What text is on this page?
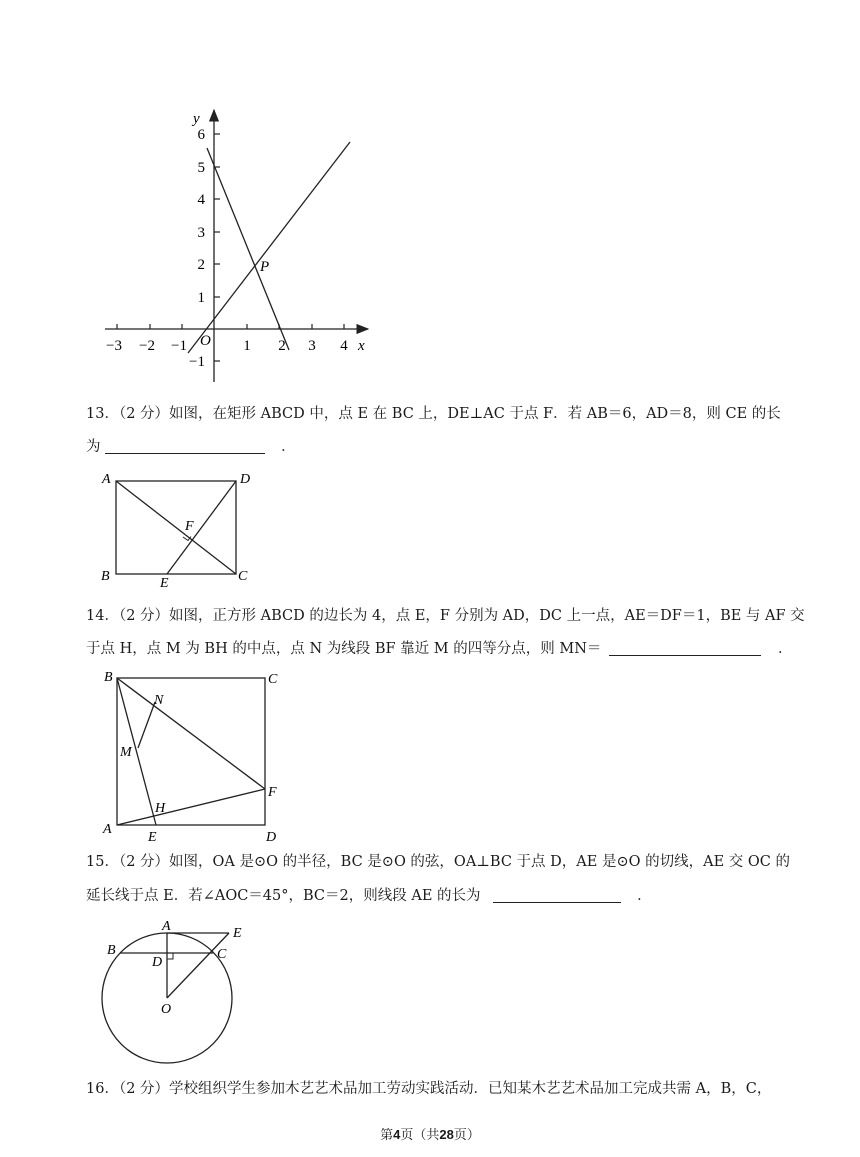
y
x
O
P
6
5
4
3
2
1
−1
−3 −2 −1	1 2 3 4
13．（2 分）如图，在矩形 ABCD 中，点 E 在 BC 上，DE⊥AC 于点 F．若 AB＝6，AD＝8，则 CE 的长
为	．
A	D
B	C
E
F
14．（2 分）如图，正方形 ABCD 的边长为 4，点 E，F 分别为 AD，DC 上一点，AE＝DF＝1，BE 与 AF 交
于点 H，点 M 为 BH 的中点，点 N 为线段 BF 靠近 M 的四等分点，则 MN＝	．
B	C
A
D
E
F
H
M
N
15．（2 分）如图，OA 是⊙O 的半径，BC 是⊙O 的弦，OA⊥BC 于点 D，AE 是⊙O 的切线，AE 交 OC 的
延长线于点 E．若∠AOC＝45°，BC＝2，则线段 AE 的长为	．
A	E
B	C
D
O
16．（2 分）学校组织学生参加木艺艺术品加工劳动实践活动．已知某木艺艺术品加工完成共需 A，B，C，
第4页（共28页）
